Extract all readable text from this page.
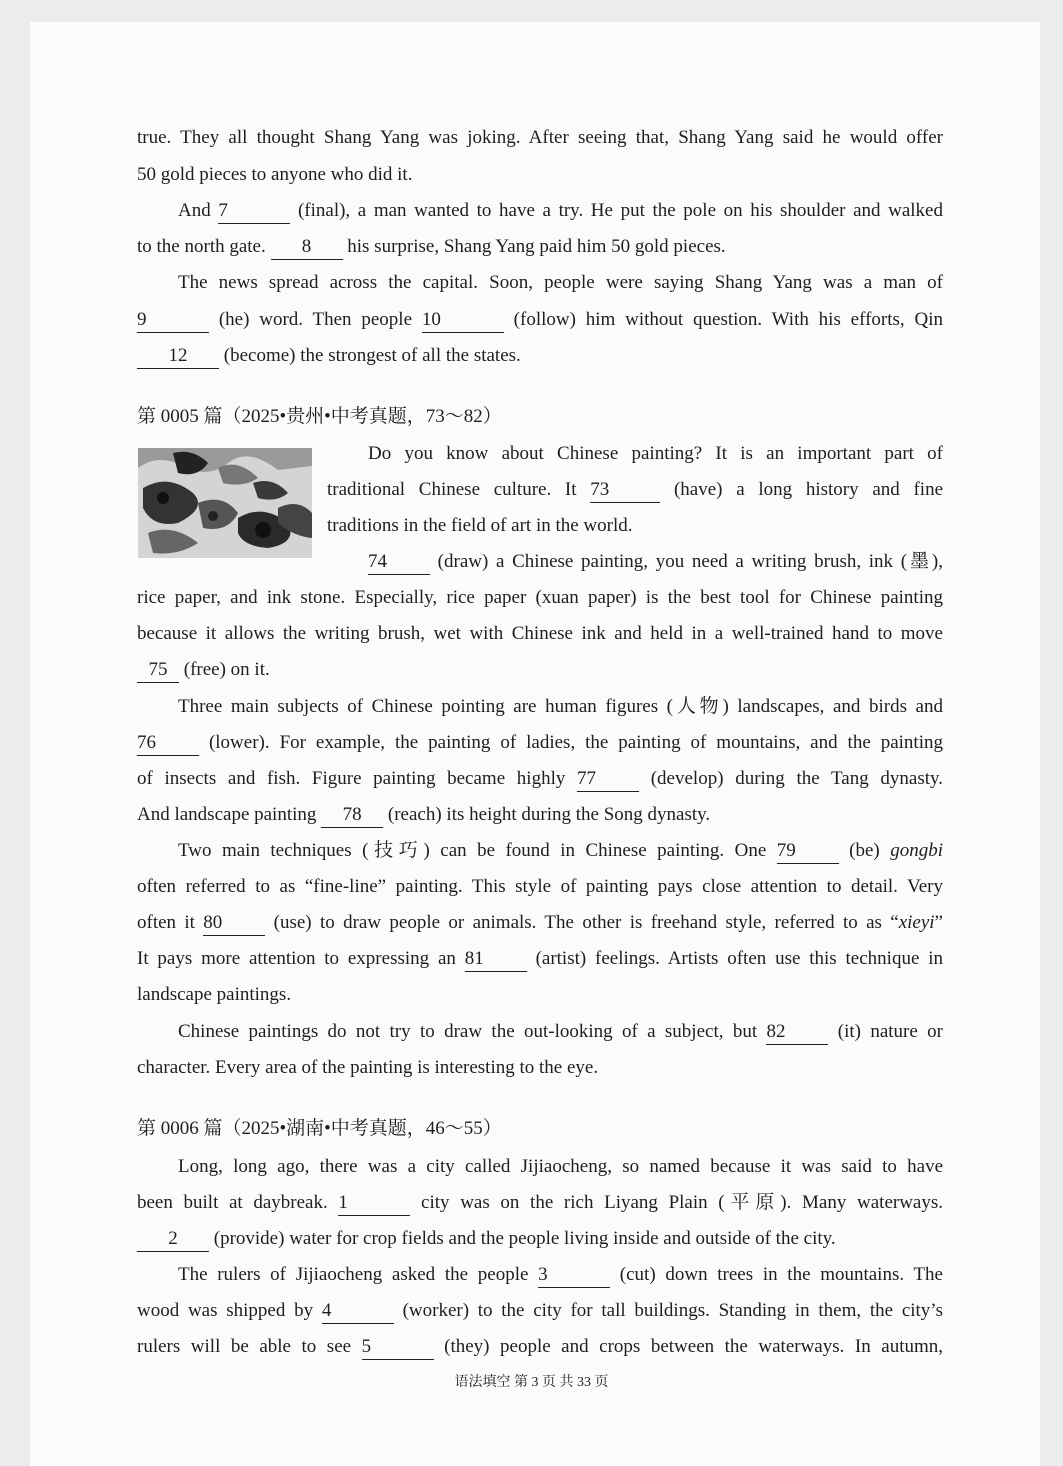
true. They all thought Shang Yang was joking. After seeing that, Shang Yang said he would offer
50 gold pieces to anyone who did it.
And 7	(final), a man wanted to have a try. He put the pole on his shoulder and walked
to the north gate. 8 his surprise, Shang Yang paid him 50 gold pieces.
The news spread across the capital. Soon, people were saying Shang Yang was a man of
9	(he) word. Then people 10	(follow) him without question. With his efforts, Qin
12 (become) the strongest of all the states.
Do you know about Chinese painting? It is an important part of
traditional Chinese culture. It 73	(have) a long history and fine
traditions in the field of art in the world.
74 (draw) a Chinese painting, you need a writing brush, ink (墨),
rice paper, and ink stone. Especially, rice paper (xuan paper) is the best tool for Chinese painting
because it allows the writing brush, wet with Chinese ink and held in a well-trained hand to move
75 (free) on it.
Three main subjects of Chinese pointing are human figures (人物) landscapes, and birds and
76 (lower). For example, the painting of ladies, the painting of mountains, and the painting
of insects and fish. Figure painting became highly 77 (develop) during the Tang dynasty.
And landscape painting 78 (reach) its height during the Song dynasty.
Two main techniques (技巧) can be found in Chinese painting. One 79 (be) gongbi
often referred to as “fine-line” painting. This style of painting pays close attention to detail. Very
often it 80 (use) to draw people or animals. The other is freehand style, referred to as “xieyi”
It pays more attention to expressing an 81 (artist) feelings. Artists often use this technique in
landscape paintings.
Chinese paintings do not try to draw the out-looking of a subject, but 82 (it) nature or
character. Every area of the painting is interesting to the eye.
Long, long ago, there was a city called Jijiaocheng, so named because it was said to have
been built at daybreak. 1	city was on the rich Liyang Plain (平原). Many waterways.
2 (provide) water for crop fields and the people living inside and outside of the city.
The rulers of Jijiaocheng asked the people 3	(cut) down trees in the mountains. The
wood was shipped by 4	(worker) to the city for tall buildings. Standing in them, the city’s
rulers will be able to see 5	(they) people and crops between the waterways. In autumn,
第 0005 篇（2025•贵州•中考真题，73～82）
第 0006 篇（2025•湖南•中考真题，46～55）
语法填空 第 3 页 共 33 页
